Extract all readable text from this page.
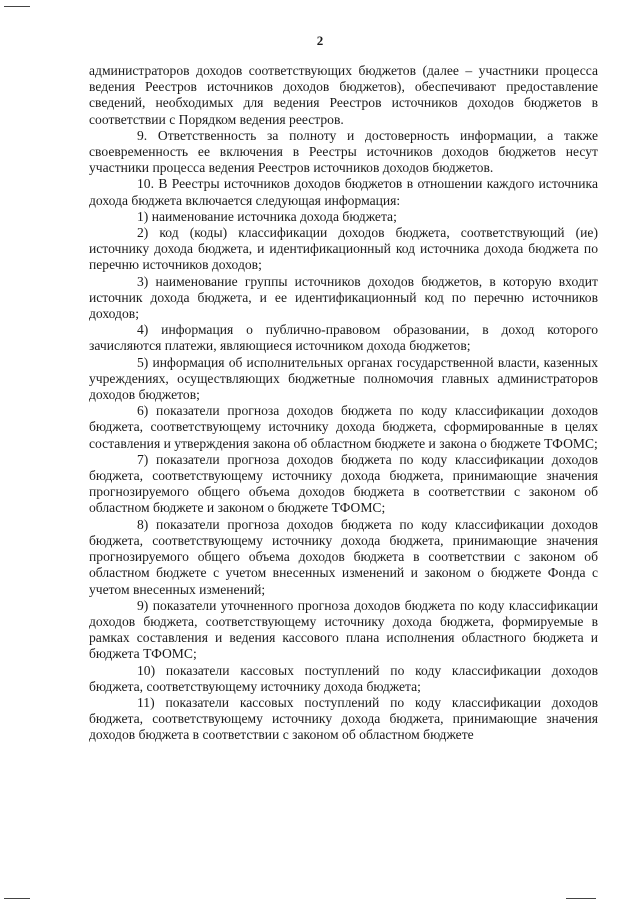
2

администраторов доходов соответствующих бюджетов (далее – участники процесса ведения Реестров источников доходов бюджетов), обеспечивают предоставление сведений, необходимых для ведения Реестров источников доходов бюджетов в соответствии с Порядком ведения реестров.

9. Ответственность за полноту и достоверность информации, а также своевременность ее включения в Реестры источников доходов бюджетов несут участники процесса ведения Реестров источников доходов бюджетов.

10. В Реестры источников доходов бюджетов в отношении каждого источника дохода бюджета включается следующая информация:

1) наименование источника дохода бюджета;

2) код (коды) классификации доходов бюджета, соответствующий (ие) источнику дохода бюджета, и идентификационный код источника дохода бюджета по перечню источников доходов;

3) наименование группы источников доходов бюджетов, в которую входит источник дохода бюджета, и ее идентификационный код по перечню источников доходов;

4) информация о публично-правовом образовании, в доход которого зачисляются платежи, являющиеся источником дохода бюджетов;

5) информация об исполнительных органах государственной власти, казенных учреждениях, осуществляющих бюджетные полномочия главных администраторов доходов бюджетов;

6) показатели прогноза доходов бюджета по коду классификации доходов бюджета, соответствующему источнику дохода бюджета, сформированные в целях составления и утверждения закона об областном бюджете и закона о бюджете ТФОМС;

7) показатели прогноза доходов бюджета по коду классификации доходов бюджета, соответствующему источнику дохода бюджета, принимающие значения прогнозируемого общего объема доходов бюджета в соответствии с законом об областном бюджете и законом о бюджете ТФОМС;

8) показатели прогноза доходов бюджета по коду классификации доходов бюджета, соответствующему источнику дохода бюджета, принимающие значения прогнозируемого общего объема доходов бюджета в соответствии с законом об областном бюджете с учетом внесенных изменений и законом о бюджете Фонда с учетом внесенных изменений;

9) показатели уточненного прогноза доходов бюджета по коду классификации доходов бюджета, соответствующему источнику дохода бюджета, формируемые в рамках составления и ведения кассового плана исполнения областного бюджета и бюджета ТФОМС;

10) показатели кассовых поступлений по коду классификации доходов бюджета, соответствующему источнику дохода бюджета;

11) показатели кассовых поступлений по коду классификации доходов бюджета, соответствующему источнику дохода бюджета, принимающие значения доходов бюджета в соответствии с законом об областном бюджете
